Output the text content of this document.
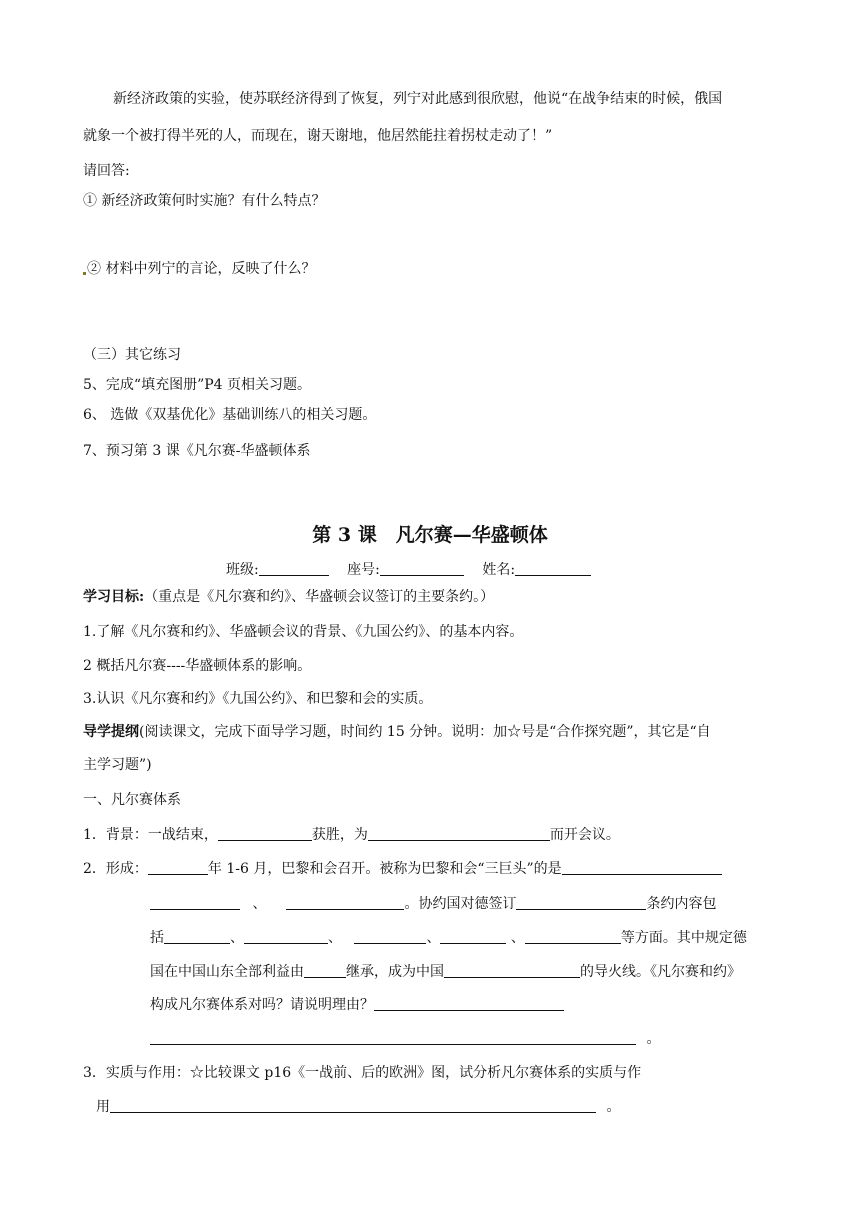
新经济政策的实验，使苏联经济得到了恢复，列宁对此感到很欣慰，他说“在战争结束的时候，俄国
就象一个被打得半死的人，而现在，谢天谢地，他居然能拄着拐杖走动了！”
请回答:
① 新经济政策何时实施？有什么特点？
② 材料中列宁的言论，反映了什么？
（三）其它练习
5、完成“填充图册”P4 页相关习题。
6、 选做《双基优化》基础训练八的相关习题。
7、预习第 3 课《凡尔赛-华盛顿体系
第 3 课　凡尔赛—华盛顿体
班级:	座号:	姓名:
学习目标:（重点是《凡尔赛和约》、华盛顿会议签订的主要条约。）
1.了解《凡尔赛和约》、华盛顿会议的背景、《九国公约》、的基本内容。
2 概括凡尔赛----华盛顿体系的影响。
3.认识《凡尔赛和约》《九国公约》、和巴黎和会的实质。
导学提纲(阅读课文，完成下面导学习题，时间约 15 分钟。说明：加☆号是“合作探究题”，其它是“自
主学习题”)
一、凡尔赛体系
1．背景：一战结束，	获胜，为	而开会议。
2．形成：	年 1-6 月，巴黎和会召开。被称为巴黎和会“三巨头”的是
、	。协约国对德签订	条约内容包
括	、	、	、	、	等方面。其中规定德
国在中国山东全部利益由	继承，成为中国	的导火线。《凡尔赛和约》
构成凡尔赛体系对吗？请说明理由？
。
3．实质与作用：☆比较课文 p16《一战前、后的欧洲》图，试分析凡尔赛体系的实质与作
用	。
